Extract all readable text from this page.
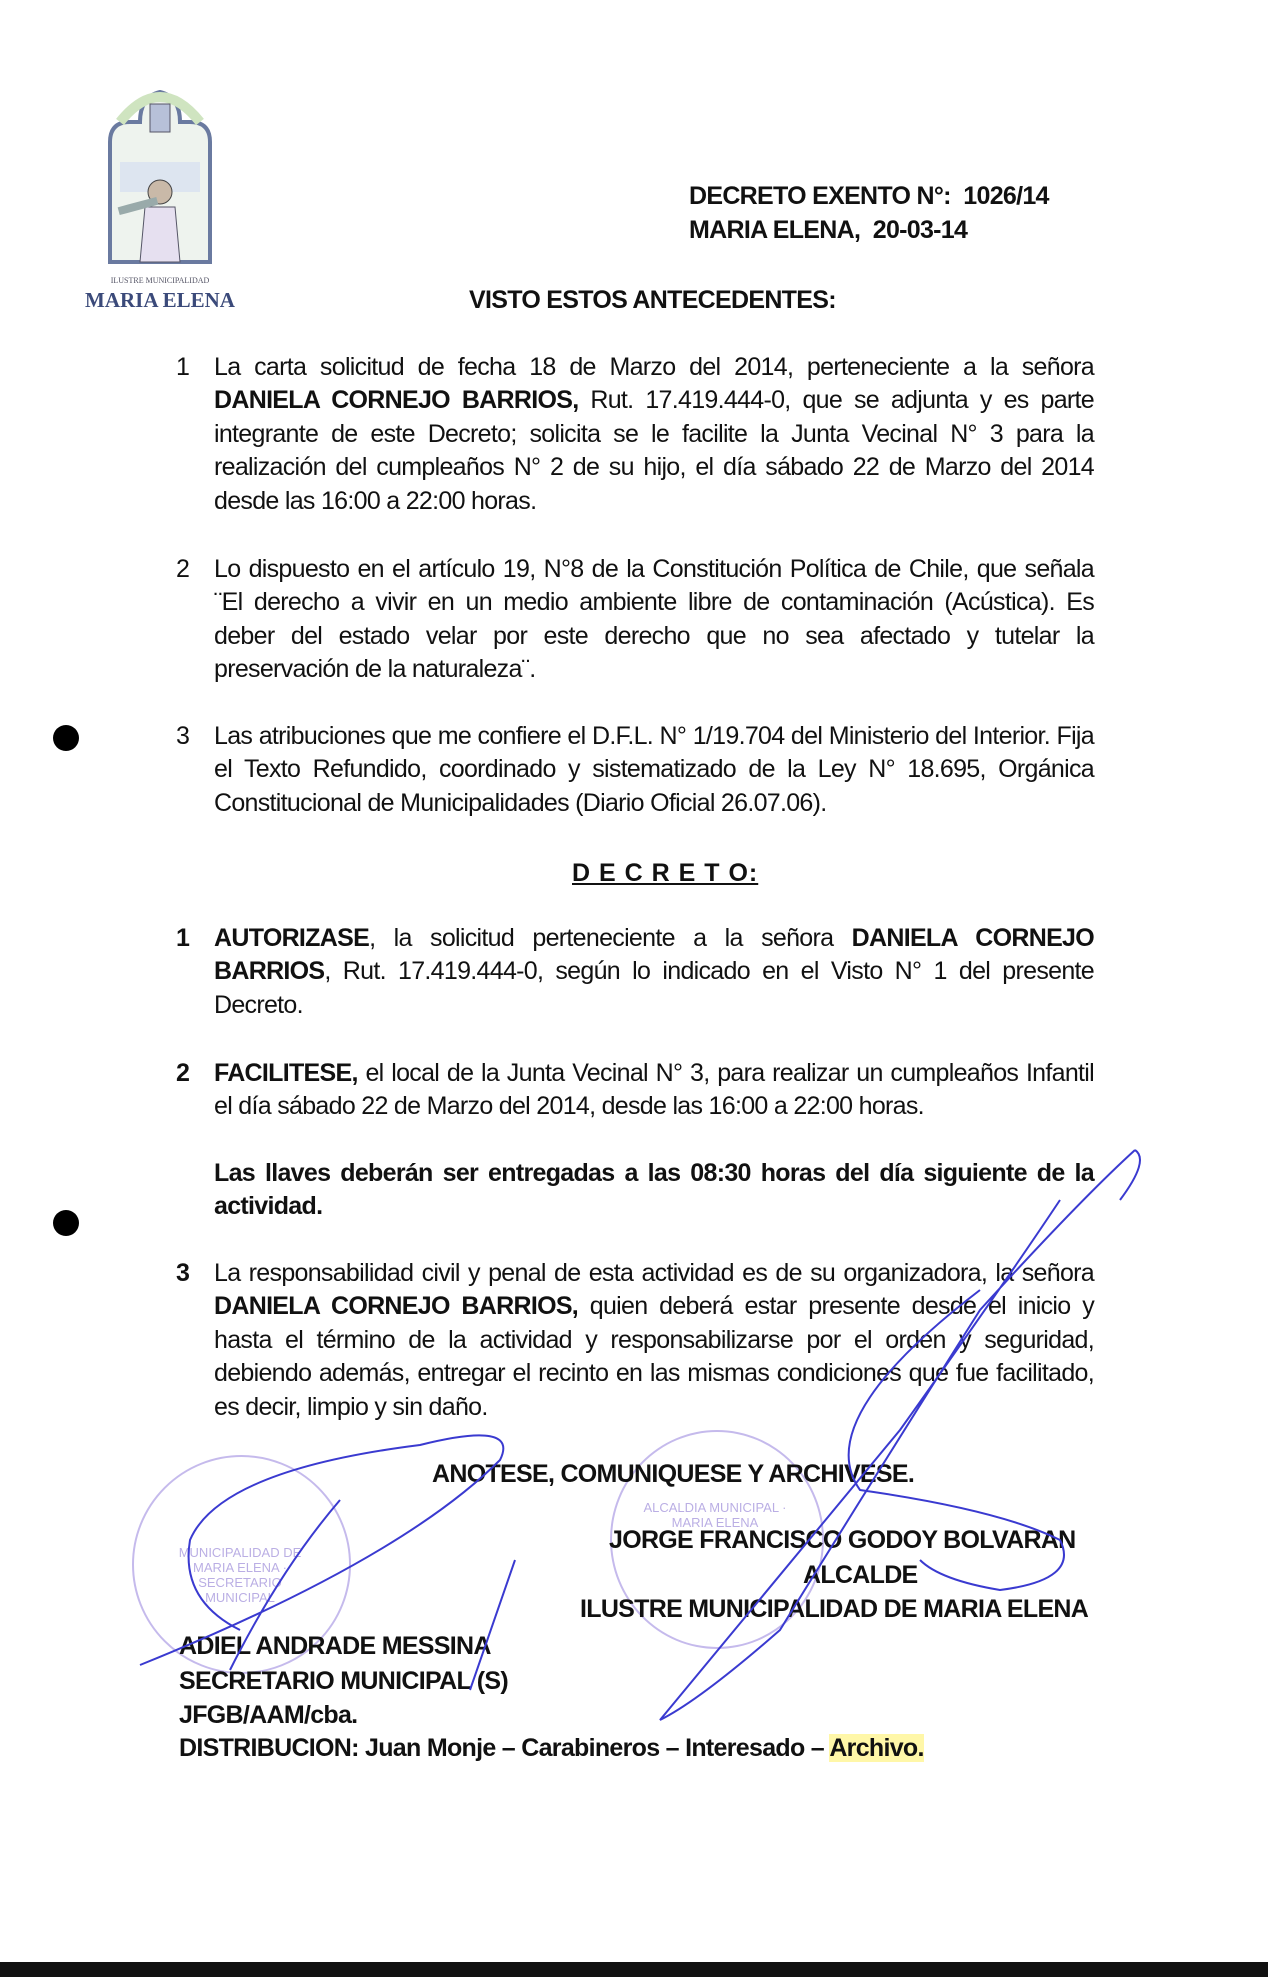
ILUSTRE MUNICIPALIDAD
MARIA ELENA
DECRETO EXENTO N°: 1026/14
MARIA ELENA, 20-03-14
VISTO ESTOS ANTECEDENTES:
1 La carta solicitud de fecha 18 de Marzo del 2014, perteneciente a la señora DANIELA CORNEJO BARRIOS, Rut. 17.419.444-0, que se adjunta y es parte integrante de este Decreto; solicita se le facilite la Junta Vecinal N° 3 para la realización del cumpleaños N° 2 de su hijo, el día sábado 22 de Marzo del 2014 desde las 16:00 a 22:00 horas.
2 Lo dispuesto en el artículo 19, N°8 de la Constitución Política de Chile, que señala ¨El derecho a vivir en un medio ambiente libre de contaminación (Acústica). Es deber del estado velar por este derecho que no sea afectado y tutelar la preservación de la naturaleza¨.
3 Las atribuciones que me confiere el D.F.L. N° 1/19.704 del Ministerio del Interior. Fija el Texto Refundido, coordinado y sistematizado de la Ley N° 18.695, Orgánica Constitucional de Municipalidades (Diario Oficial 26.07.06).
D E C R E T O:
1 AUTORIZASE, la solicitud perteneciente a la señora DANIELA CORNEJO BARRIOS, Rut. 17.419.444-0, según lo indicado en el Visto N° 1 del presente Decreto.
2 FACILITESE, el local de la Junta Vecinal N° 3, para realizar un cumpleaños Infantil el día sábado 22 de Marzo del 2014, desde las 16:00 a 22:00 horas.
Las llaves deberán ser entregadas a las 08:30 horas del día siguiente de la actividad.
3 La responsabilidad civil y penal de esta actividad es de su organizadora, la señora DANIELA CORNEJO BARRIOS, quien deberá estar presente desde el inicio y hasta el término de la actividad y responsabilizarse por el orden y seguridad, debiendo además, entregar el recinto en las mismas condiciones que fue facilitado, es decir, limpio y sin daño.
MUNICIPALIDAD DE MARIA ELENA · SECRETARIO MUNICIPAL
ALCALDIA MUNICIPAL · MARIA ELENA
ANOTESE, COMUNIQUESE Y ARCHIVESE.
JORGE FRANCISCO GODOY BOLVARAN
ALCALDE
ILUSTRE MUNICIPALIDAD DE MARIA ELENA
ADIEL ANDRADE MESSINA
SECRETARIO MUNICIPAL (S)
JFGB/AAM/cba.
DISTRIBUCION: Juan Monje – Carabineros – Interesado – Archivo.
